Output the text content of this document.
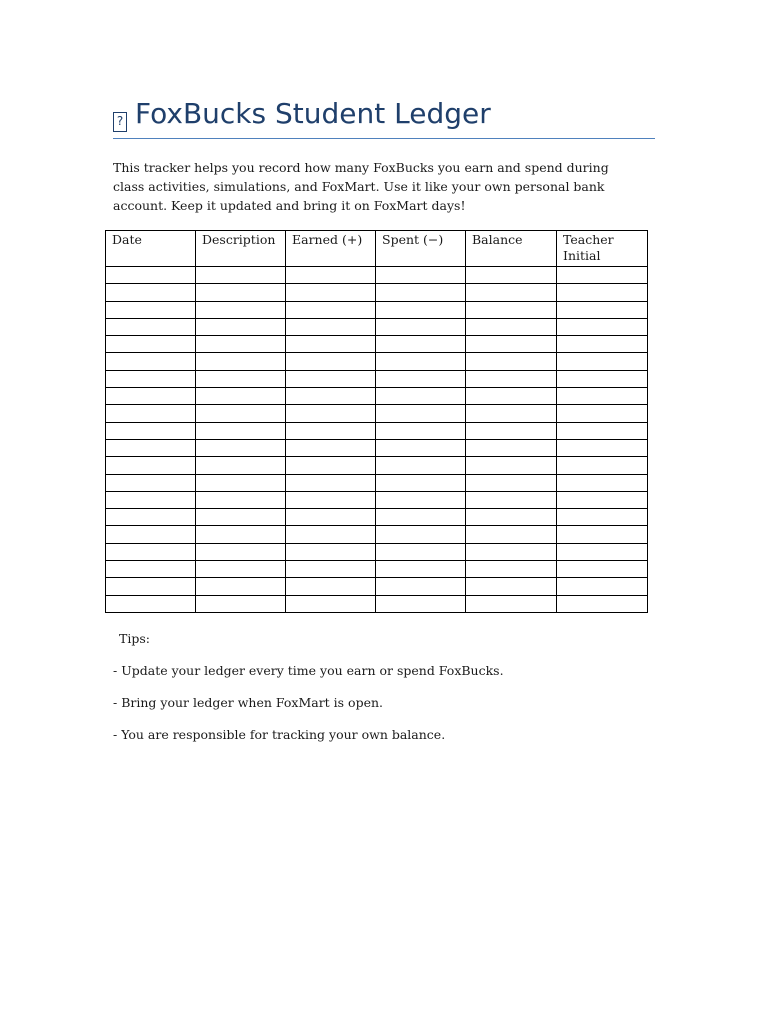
? FoxBucks Student Ledger
This tracker helps you record how many FoxBucks you earn and spend during class activities, simulations, and FoxMart. Use it like your own personal bank account. Keep it updated and bring it on FoxMart days!
Date	Description	Earned (+)	Spent (−)	Balance	Teacher Initial

Tips:
- Update your ledger every time you earn or spend FoxBucks.
- Bring your ledger when FoxMart is open.
- You are responsible for tracking your own balance.
